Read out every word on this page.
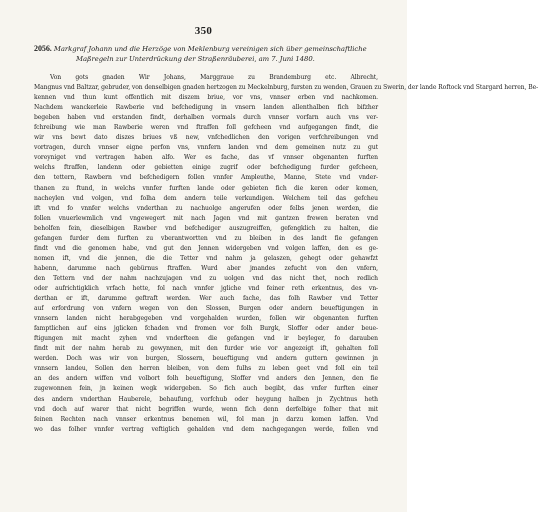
350
2056. Markgraf Johann und die Herzöge von Meklenburg vereinigen sich über gemeinschaftliche
Maßregeln zur Unterdrückung der Straßenräuberei, am 7. Juni 1480.
Von gots gnaden Wir Johans, Marggraue zu Brandemburg etc. Albrecht,
Mangnus vnd Baltzar, gebruder, von denselbigen gnaden hertzogen zu Meckelnburg, fursten zu wenden, Grauen zu Swerin, der lande Roftock vnd Stargard herren, Be-
kennen vnd thun kunt offentlich mit diszem briue, vor vns, vnnser erben vnd nachkomen.
Nachdem wanckerleie Rawberie vnd befchedigung in vnsern landen allenthalben fich bifzher
begeben haben vnd erstanden findt, derhalben vormals durch vnnser vorfarn auch vns ver-
fchreibung wie man Rawberie weren vnd ftraffen foll gefcheen vnd aufgegangen findt, die
wir vns bewt dato diszes briues vß new, vnfchedlichen den vorigen verfchreibungen vnd
vortragen, durch vnnser eigne perfon vns, vnnfern landen vnd dem gemeinen nutz zu gut
voreyniget vnd vertragen haben alfo. Wer es fache, das vf vnnser obgenanten furften
welchs ftraffen, landenn oder gebietten einige zugrif oder befchedigung furder gefcheen,
den tettern, Rawbern vnd befchedigern follen vnnfer Ampleuthe, Manne, Stete vnd vnder-
thanen zu ftund, in welchs vnnfer furften lande oder gebieten fich die keren oder komen,
nacheylen vnd volgen, vnd folha dem andern teile verkundigen. Welchem teil das gefcheu
ift vnd fo vnnfer welchs vnderthan zu nachuolge angerufen oder felbs jenen werden, die
follen vnuerlewmlich vnd vngewegert mit nach Jagen vnd mit gantzen frewen beraten vnd
beholfen fein, dieselbigen Rawber vnd befchediger auszugreiffen, gefengklich zu halten, die
gefangen furder dem furften zu vberantwortten vnd zu bleiben in des landt fie gefangen
findt vnd die genomen habe, vnd gut den Jennen widergeben vnd volgen laffen, den es ge-
nomen ift, vnd die jennen, die die Tetter vnd nahm ja gelaszen, gehegt oder gehawfzt
habenn, darumme nach gebürnus ftraffen. Wurd aber jmandes zefucht von den vnfern,
den Tettern vnd der nahm nachzujagen vnd zu uolgen vnd das nicht thet, noch redlich
oder aufrichtigklich vrfach hette, fol nach vnnfer jgliche vnd feiner reth erkentnus, des vn-
derthan er ift, darumme geftraft werden. Wer auch fache, das folh Rawber vnd Tetter
auf erfordrung von vnfern wegen von den Slossen, Burgen oder andern beueftigungen in
vnnsern landen nicht herabgegeben vnd vorgehalden wurden, follen wir obgenanten furften
famptlichen auf eins jglicken fchaden vnd fromen vor folh Burgk, Sloffer oder ander beue-
ftigungen mit macht zyhen vnd vnderfteen die gefangen vnd ir beyleger, fo darauben
findt mit der nahm herab zu gewynnen, mit den furder wie vor angezeigt ift, gehalten foll
werden. Doch was wir von burgen, Slossern, beueftigung vnd andern guttern gewinnen jn
vnnsern landeu, Sollen den herren bleiben, von dem fulhs zu leben geet vnd foll ein teil
an des andern wiffen vnd volbort folh beueftigung, Sloffer vnd anders den Jennen, den fie
zugewonnen fein, jn keinen wegk widergeben. So fich auch begibt, das vnfer furften einer
des andern vnderthan Hauberele, behaufung, vorfchub oder heygung halben jn Zychtnus heth
vnd doch auf warer that nicht begriffen wurde, wenn fich denn derfelbige folher that mit
feinen Rechten nach vnnser erkentnus benemen wil, fol man jn darzu komen laffen. Vnd
wo das folher vnnfer vertrag veftiglich gehalden vnd dem nachgegangen werde, follen vnd
